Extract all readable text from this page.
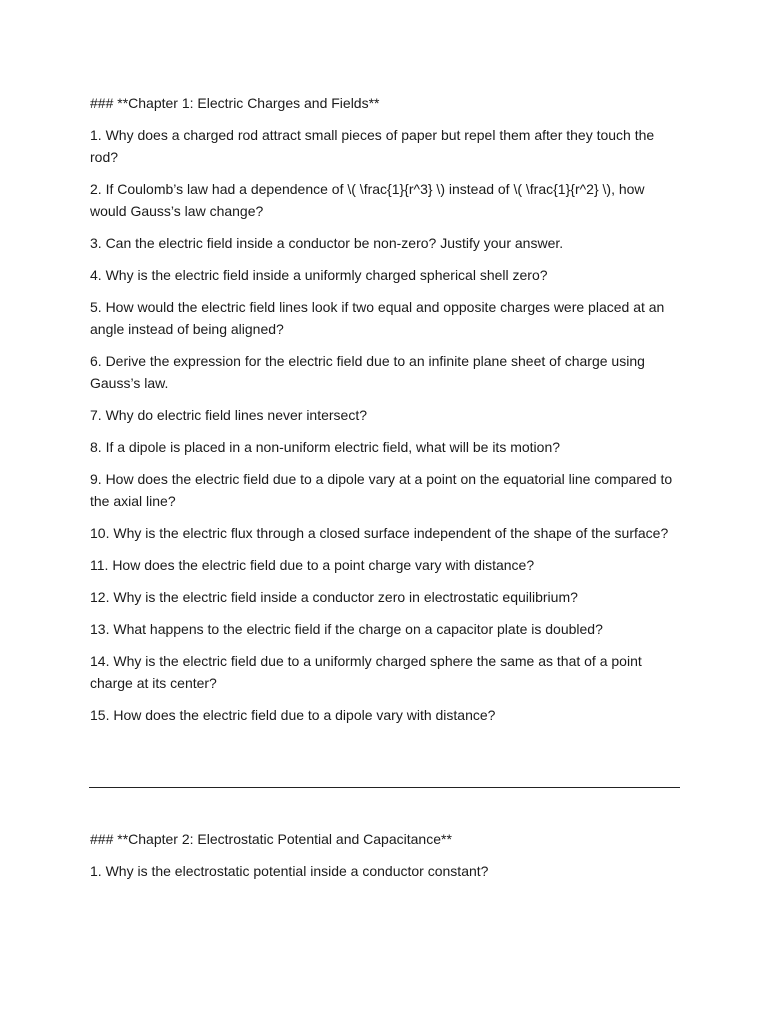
### **Chapter 1: Electric Charges and Fields**

1. Why does a charged rod attract small pieces of paper but repel them after they touch the rod?

2. If Coulomb’s law had a dependence of \( \frac{1}{r^3} \) instead of \( \frac{1}{r^2} \), how would Gauss’s law change?

3. Can the electric field inside a conductor be non-zero? Justify your answer.

4. Why is the electric field inside a uniformly charged spherical shell zero?

5. How would the electric field lines look if two equal and opposite charges were placed at an angle instead of being aligned?

6. Derive the expression for the electric field due to an infinite plane sheet of charge using Gauss’s law.

7. Why do electric field lines never intersect?

8. If a dipole is placed in a non-uniform electric field, what will be its motion?

9. How does the electric field due to a dipole vary at a point on the equatorial line compared to the axial line?

10. Why is the electric flux through a closed surface independent of the shape of the surface?

11. How does the electric field due to a point charge vary with distance?

12. Why is the electric field inside a conductor zero in electrostatic equilibrium?

13. What happens to the electric field if the charge on a capacitor plate is doubled?

14. Why is the electric field due to a uniformly charged sphere the same as that of a point charge at its center?

15. How does the electric field due to a dipole vary with distance?

### **Chapter 2: Electrostatic Potential and Capacitance**

1. Why is the electrostatic potential inside a conductor constant?
